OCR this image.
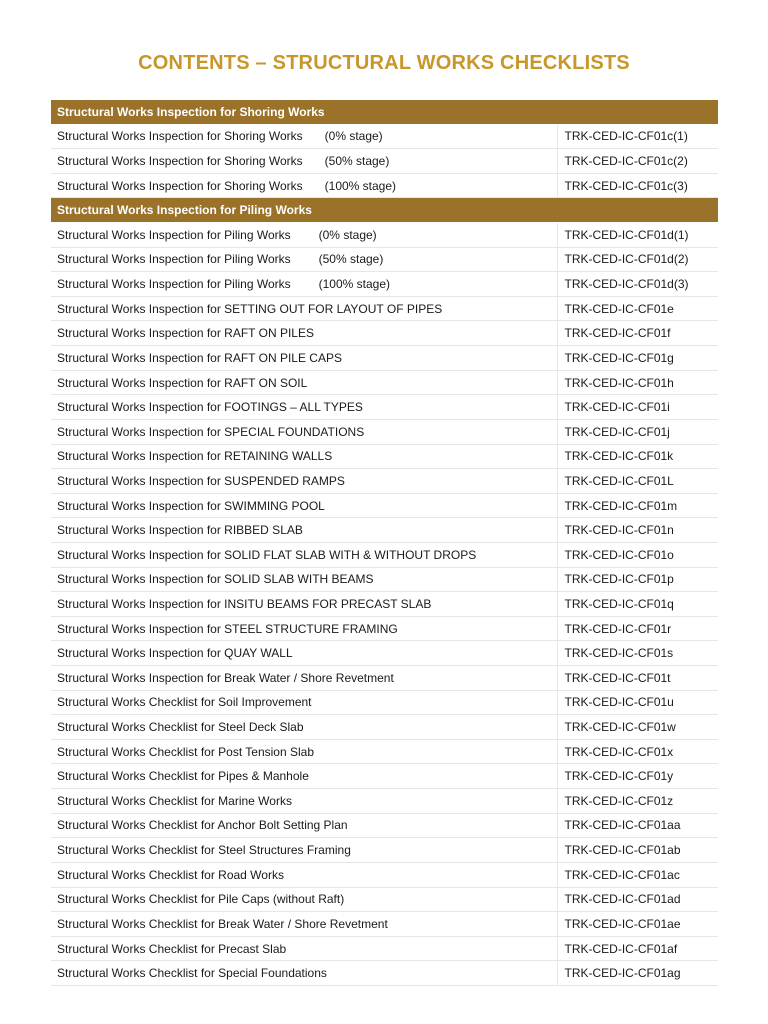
CONTENTS – STRUCTURAL WORKS CHECKLISTS
Structural Works Inspection for Shoring Works	
Structural Works Inspection for Shoring Works (0% stage)	TRK-CED-IC-CF01c(1)
Structural Works Inspection for Shoring Works (50% stage)	TRK-CED-IC-CF01c(2)
Structural Works Inspection for Shoring Works (100% stage)	TRK-CED-IC-CF01c(3)
Structural Works Inspection for Piling Works	
Structural Works Inspection for Piling Works (0% stage)	TRK-CED-IC-CF01d(1)
Structural Works Inspection for Piling Works (50% stage)	TRK-CED-IC-CF01d(2)
Structural Works Inspection for Piling Works (100% stage)	TRK-CED-IC-CF01d(3)
Structural Works Inspection for SETTING OUT FOR LAYOUT OF PIPES	TRK-CED-IC-CF01e
Structural Works Inspection for RAFT ON PILES	TRK-CED-IC-CF01f
Structural Works Inspection for RAFT ON PILE CAPS	TRK-CED-IC-CF01g
Structural Works Inspection for RAFT ON SOIL	TRK-CED-IC-CF01h
Structural Works Inspection for FOOTINGS – ALL TYPES	TRK-CED-IC-CF01i
Structural Works Inspection for SPECIAL FOUNDATIONS	TRK-CED-IC-CF01j
Structural Works Inspection for RETAINING WALLS	TRK-CED-IC-CF01k
Structural Works Inspection for SUSPENDED RAMPS	TRK-CED-IC-CF01L
Structural Works Inspection for SWIMMING POOL	TRK-CED-IC-CF01m
Structural Works Inspection for RIBBED SLAB	TRK-CED-IC-CF01n
Structural Works Inspection for SOLID FLAT SLAB WITH & WITHOUT DROPS	TRK-CED-IC-CF01o
Structural Works Inspection for SOLID SLAB WITH BEAMS	TRK-CED-IC-CF01p
Structural Works Inspection for INSITU BEAMS FOR PRECAST SLAB	TRK-CED-IC-CF01q
Structural Works Inspection for STEEL STRUCTURE FRAMING	TRK-CED-IC-CF01r
Structural Works Inspection for QUAY WALL	TRK-CED-IC-CF01s
Structural Works Inspection for Break Water / Shore Revetment	TRK-CED-IC-CF01t
Structural Works Checklist for Soil Improvement	TRK-CED-IC-CF01u
Structural Works Checklist for Steel Deck Slab	TRK-CED-IC-CF01w
Structural Works Checklist for Post Tension Slab	TRK-CED-IC-CF01x
Structural Works Checklist for Pipes & Manhole	TRK-CED-IC-CF01y
Structural Works Checklist for Marine Works	TRK-CED-IC-CF01z
Structural Works Checklist for Anchor Bolt Setting Plan	TRK-CED-IC-CF01aa
Structural Works Checklist for Steel Structures Framing	TRK-CED-IC-CF01ab
Structural Works Checklist for Road Works	TRK-CED-IC-CF01ac
Structural Works Checklist for Pile Caps (without Raft)	TRK-CED-IC-CF01ad
Structural Works Checklist for Break Water / Shore Revetment	TRK-CED-IC-CF01ae
Structural Works Checklist for Precast Slab	TRK-CED-IC-CF01af
Structural Works Checklist for Special Foundations	TRK-CED-IC-CF01ag
